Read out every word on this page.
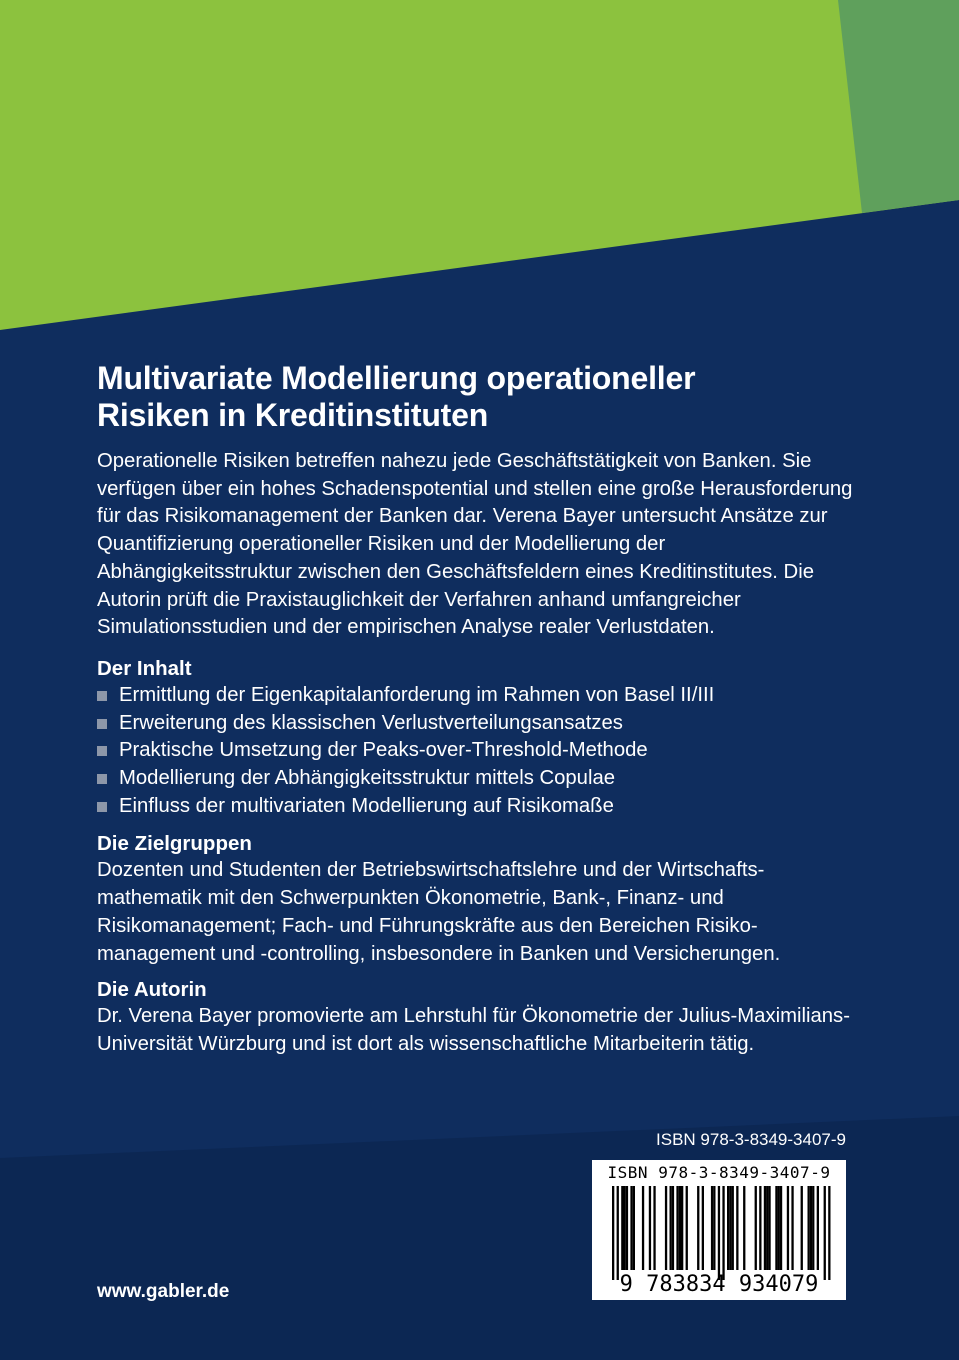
Multivariate Modellierung operationeller
Risiken in Kreditinstituten

Operationelle Risiken betreffen nahezu jede Geschäftstätigkeit von Banken. Sie verfügen über ein hohes Schadenspotential und stellen eine große Herausforderung für das Risikomanagement der Banken dar. Verena Bayer untersucht Ansätze zur Quantifizierung operationeller Risiken und der Modellierung der Abhängigkeitsstruktur zwischen den Geschäftsfeldern eines Kreditinstitutes. Die Autorin prüft die Praxistauglichkeit der Verfahren anhand umfangreicher Simulationsstudien und der empirischen Analyse realer Verlustdaten.

Der Inhalt
Ermittlung der Eigenkapitalanforderung im Rahmen von Basel II/III
Erweiterung des klassischen Verlustverteilungsansatzes
Praktische Umsetzung der Peaks-over-Threshold-Methode
Modellierung der Abhängigkeitsstruktur mittels Copulae
Einfluss der multivariaten Modellierung auf Risikomaße
Die Zielgruppen

Dozenten und Studenten der Betriebswirtschaftslehre und der Wirtschaftsmathematik mit den Schwerpunkten Ökonometrie, Bank-, Finanz- und Risikomanagement; Fach- und Führungskräfte aus den Bereichen Risikomanagement und -controlling, insbesondere in Banken und Versicherungen.

Die Autorin

Dr. Verena Bayer promovierte am Lehrstuhl für Ökonometrie der Julius-Maximilians-Universität Würzburg und ist dort als wissenschaftliche Mitarbeiterin tätig.

ISBN 978-3-8349-3407-9
ISBN 978-3-8349-3407-9
9 783834 934079
www.gabler.de
